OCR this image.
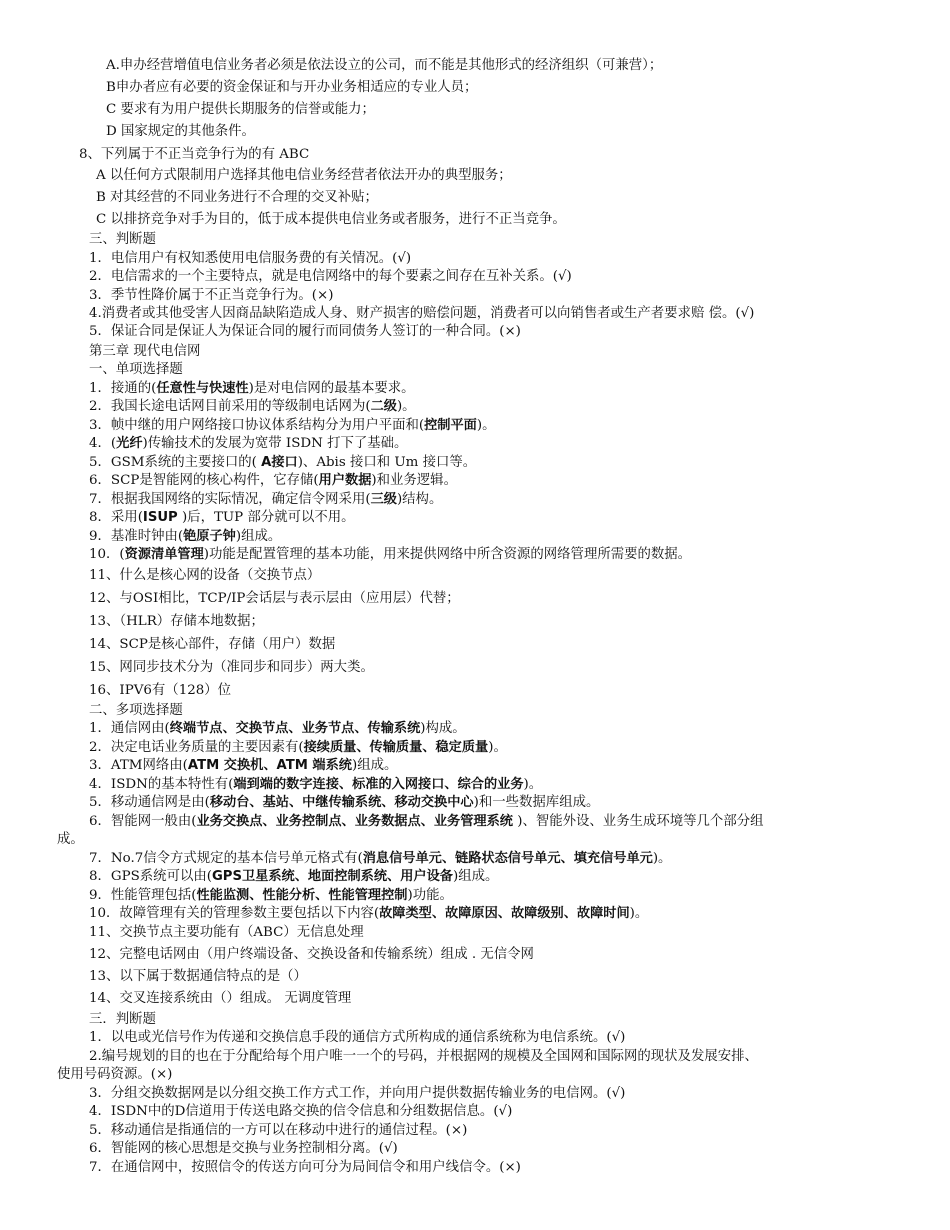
A.申办经营增值电信业务者必须是依法设立的公司，而不能是其他形式的经济组织（可兼营）；
B申办者应有必要的资金保证和与开办业务相适应的专业人员；
C 要求有为用户提供长期服务的信誉或能力；
D 国家规定的其他条件。
8、下列属于不正当竞争行为的有 ABC
A 以任何方式限制用户选择其他电信业务经营者依法开办的典型服务；
B 对其经营的不同业务进行不合理的交叉补贴；
C 以排挤竞争对手为目的，低于成本提供电信业务或者服务，进行不正当竞争。
三、判断题
1．电信用户有权知悉使用电信服务费的有关情况。(√)
2．电信需求的一个主要特点，就是电信网络中的每个要素之间存在互补关系。(√)
3．季节性降价属于不正当竞争行为。(×)
4.消费者或其他受害人因商品缺陷造成人身、财产损害的赔偿问题，消费者可以向销售者或生产者要求赔 偿。(√)
5．保证合同是保证人为保证合同的履行而同债务人签订的一种合同。(×)
第三章 现代电信网
一、单项选择题
1．接通的(任意性与快速性)是对电信网的最基本要求。
2．我国长途电话网目前采用的等级制电话网为(二级)。
3．帧中继的用户网络接口协议体系结构分为用户平面和(控制平面)。
4．(光纤)传输技术的发展为宽带 ISDN 打下了基础。
5．GSM系统的主要接口的( A接口)、Abis 接口和 Um 接口等。
6．SCP是智能网的核心构件，它存储(用户数据)和业务逻辑。
7．根据我国网络的实际情况，确定信令网采用(三级)结构。
8．采用(ISUP )后，TUP 部分就可以不用。
9．基准时钟由(铯原子钟)组成。
10．(资源清单管理)功能是配置管理的基本功能，用来提供网络中所含资源的网络管理所需要的数据。
11、什么是核心网的设备（交换节点）
12、与OSI相比，TCP/IP会话层与表示层由（应用层）代替；
13、（HLR）存储本地数据；
14、SCP是核心部件，存储（用户）数据
15、网同步技术分为（准同步和同步）两大类。
16、IPV6有（128）位
二、多项选择题
1．通信网由(终端节点、交换节点、业务节点、传输系统)构成。
2．决定电话业务质量的主要因素有(接续质量、传输质量、稳定质量)。
3．ATM网络由(ATM 交换机、ATM 端系统)组成。
4．ISDN的基本特性有(端到端的数字连接、标准的入网接口、综合的业务)。
5．移动通信网是由(移动台、基站、中继传输系统、移动交换中心)和一些数据库组成。
6．智能网一般由(业务交换点、业务控制点、业务数据点、业务管理系统 )、智能外设、业务生成环境等几个部分组
成。
7．No.7信令方式规定的基本信号单元格式有(消息信号单元、链路状态信号单元、填充信号单元)。
8．GPS系统可以由(GPS卫星系统、地面控制系统、用户设备)组成。
9．性能管理包括(性能监测、性能分析、性能管理控制)功能。
10．故障管理有关的管理参数主要包括以下内容(故障类型、故障原因、故障级别、故障时间)。
11、交换节点主要功能有（ABC）无信息处理
12、完整电话网由（用户终端设备、交换设备和传输系统）组成 . 无信令网
13、以下属于数据通信特点的是（）
14、交叉连接系统由（）组成。 无调度管理
三．判断题
1．以电或光信号作为传递和交换信息手段的通信方式所构成的通信系统称为电信系统。(√)
2.编号规划的目的也在于分配给每个用户唯一一个的号码，并根据网的规模及全国网和国际网的现状及发展安排、
使用号码资源。(×)
3．分组交换数据网是以分组交换工作方式工作，并向用户提供数据传输业务的电信网。(√)
4．ISDN中的D信道用于传送电路交换的信令信息和分组数据信息。(√)
5．移动通信是指通信的一方可以在移动中进行的通信过程。(×)
6．智能网的核心思想是交换与业务控制相分离。(√)
7．在通信网中，按照信令的传送方向可分为局间信令和用户线信令。(×)
